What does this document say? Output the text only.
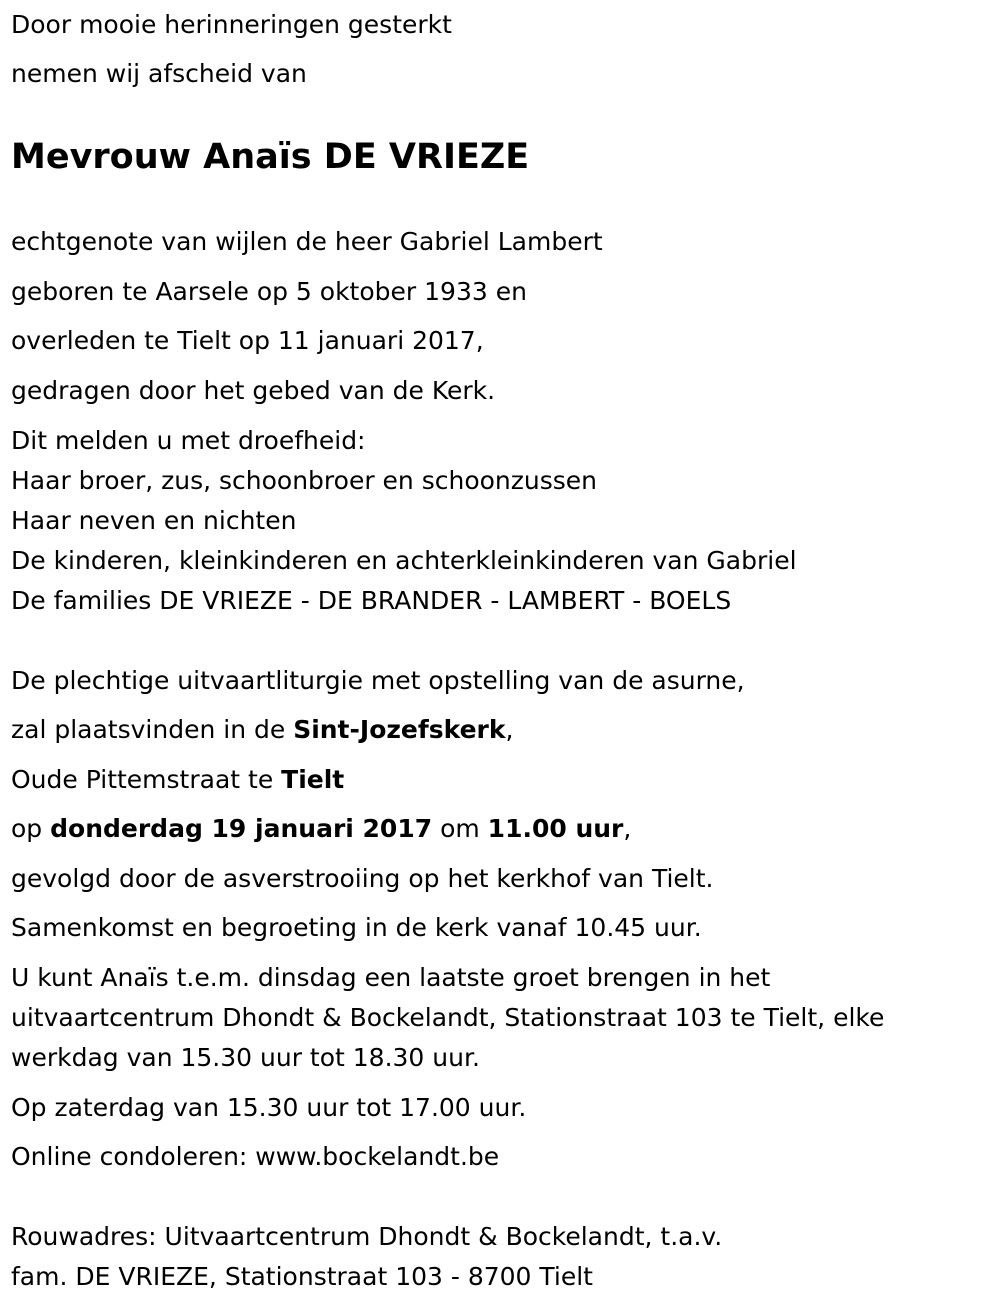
Door mooie herinneringen gesterkt

nemen wij afscheid van

Mevrouw Anaïs DE VRIEZE

echtgenote van wijlen de heer Gabriel Lambert

geboren te Aarsele op 5 oktober 1933 en

overleden te Tielt op 11 januari 2017,

gedragen door het gebed van de Kerk.

Dit melden u met droefheid:

Haar broer, zus, schoonbroer en schoonzussen

Haar neven en nichten

De kinderen, kleinkinderen en achterkleinkinderen van Gabriel

De families DE VRIEZE - DE BRANDER - LAMBERT - BOELS

De plechtige uitvaartliturgie met opstelling van de asurne,

zal plaatsvinden in de Sint-Jozefskerk,

Oude Pittemstraat te Tielt

op donderdag 19 januari 2017 om 11.00 uur,

gevolgd door de asverstrooiing op het kerkhof van Tielt.

Samenkomst en begroeting in de kerk vanaf 10.45 uur.

U kunt Anaïs t.e.m. dinsdag een laatste groet brengen in het

uitvaartcentrum Dhondt & Bockelandt, Stationstraat 103 te Tielt, elke

werkdag van 15.30 uur tot 18.30 uur.

Op zaterdag van 15.30 uur tot 17.00 uur.

Online condoleren: www.bockelandt.be

Rouwadres: Uitvaartcentrum Dhondt & Bockelandt, t.a.v.

fam. DE VRIEZE, Stationstraat 103 - 8700 Tielt
